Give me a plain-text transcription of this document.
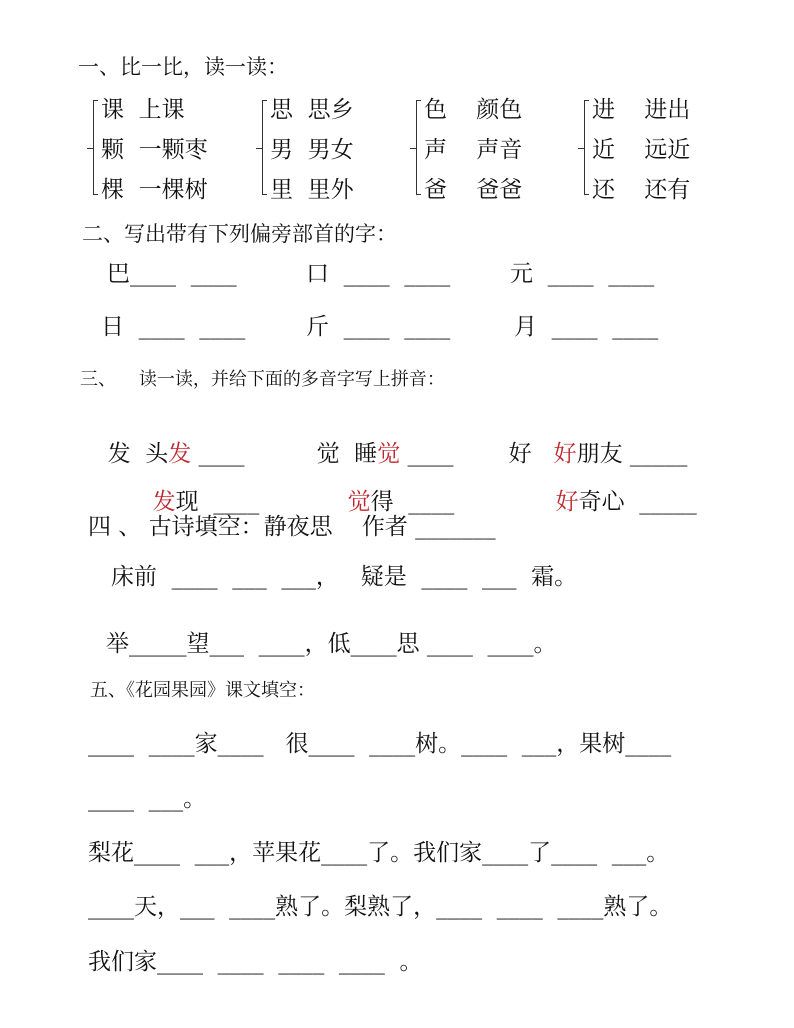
一、比一比，读一读：
课  上课
颗  一颗枣
棵  一棵树
思  思乡
男  男女
里  里外
色    颜色
声    声音
爸    爸爸
进    进出
近    远近
还    还有
二、写出带有下列偏旁部首的字：
巴____  ____	口  ____  ____	元  ____  ____
日  ____  ____	斤  ____  ____	月  ____  ____
三、    读一读，并给下面的多音字写上拼音：

发 头发 ____	觉 睡觉 ____	好 好朋友 _____

发现  ____	觉得  ____	好奇心  _____

四 、 古诗填空：静夜思    作者 _______
床前  ____  ___  ___，   疑是  ____  ___  霜。
举_____望___  ____，低____思 ____  ____。
五、《花园果园》课文填空：
____  ____家____   很____  ____树。____  ___，果树____
____  ___。
梨花____  ___，苹果花____了。我们家____了____  ___。
____天，___  ____熟了。梨熟了，____  ____  ____熟了。
我们家____  ____  ____  ____  。
